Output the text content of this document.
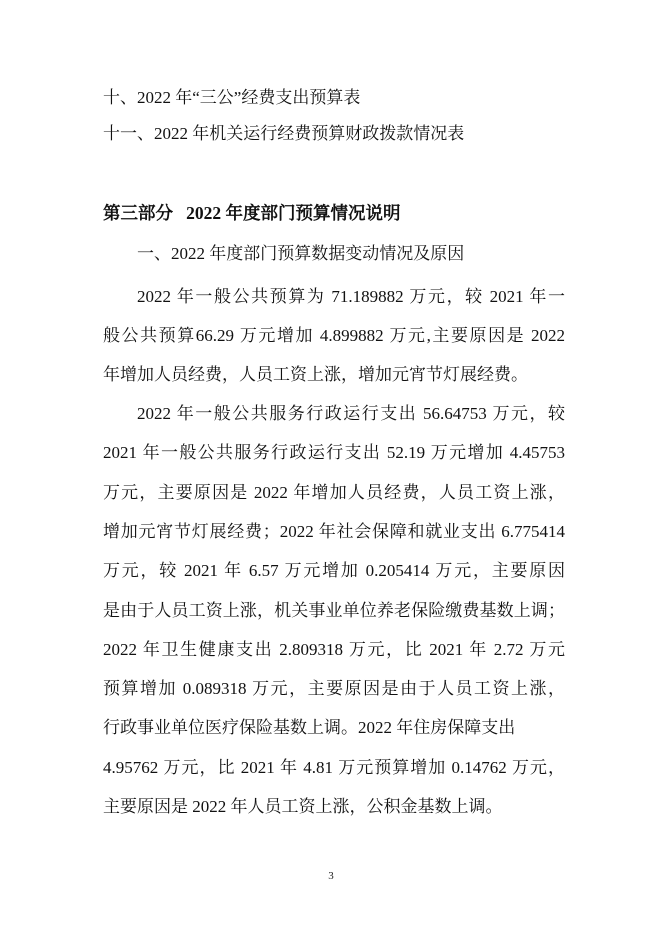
十、2022 年“三公”经费支出预算表
十一、2022 年机关运行经费预算财政拨款情况表
第三部分   2022 年度部门预算情况说明
一、2022 年度部门预算数据变动情况及原因
2022 年一般公共预算为 71.189882 万元，较 2021 年一
般公共预算66.29 万元增加 4.899882 万元,主要原因是 2022
年增加人员经费，人员工资上涨，增加元宵节灯展经费。
2022 年一般公共服务行政运行支出 56.64753 万元，较
2021 年一般公共服务行政运行支出 52.19 万元增加 4.45753
万元，主要原因是 2022 年增加人员经费，人员工资上涨，
增加元宵节灯展经费；2022 年社会保障和就业支出 6.775414
万元，较 2021 年 6.57 万元增加 0.205414 万元，主要原因
是由于人员工资上涨，机关事业单位养老保险缴费基数上调；
2022 年卫生健康支出 2.809318 万元，比 2021 年 2.72 万元
预算增加 0.089318 万元，主要原因是由于人员工资上涨，
行政事业单位医疗保险基数上调。2022 年住房保障支出
4.95762 万元，比 2021 年 4.81 万元预算增加 0.14762 万元，
主要原因是 2022 年人员工资上涨，公积金基数上调。
3
